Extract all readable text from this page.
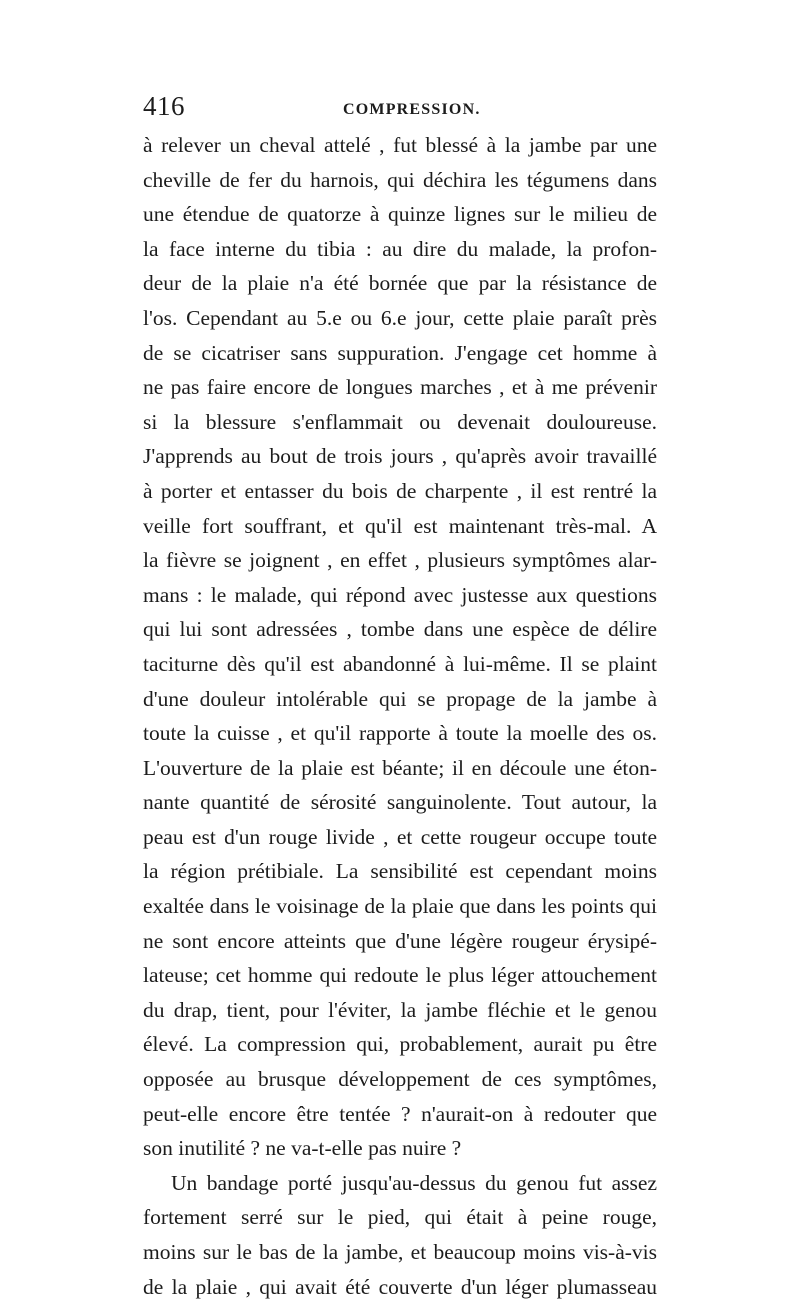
416	COMPRESSION.
à relever un cheval attelé , fut blessé à la jambe par une
cheville de fer du harnois, qui déchira les tégumens dans
une étendue de quatorze à quinze lignes sur le milieu de
la face interne du tibia : au dire du malade, la profon-
deur de la plaie n'a été bornée que par la résistance de
l'os. Cependant au 5.e ou 6.e jour, cette plaie paraît près
de se cicatriser sans suppuration. J'engage cet homme à
ne pas faire encore de longues marches , et à me prévenir
si la blessure s'enflammait ou devenait douloureuse.
J'apprends au bout de trois jours , qu'après avoir travaillé
à porter et entasser du bois de charpente , il est rentré la
veille fort souffrant, et qu'il est maintenant très-mal. A
la fièvre se joignent , en effet , plusieurs symptômes alar-
mans : le malade, qui répond avec justesse aux questions
qui lui sont adressées , tombe dans une espèce de délire
taciturne dès qu'il est abandonné à lui-même. Il se plaint
d'une douleur intolérable qui se propage de la jambe à
toute la cuisse , et qu'il rapporte à toute la moelle des os.
L'ouverture de la plaie est béante; il en découle une éton-
nante quantité de sérosité sanguinolente. Tout autour, la
peau est d'un rouge livide , et cette rougeur occupe toute
la région prétibiale. La sensibilité est cependant moins
exaltée dans le voisinage de la plaie que dans les points qui
ne sont encore atteints que d'une légère rougeur érysipé-
lateuse; cet homme qui redoute le plus léger attouchement
du drap, tient, pour l'éviter, la jambe fléchie et le genou
élevé. La compression qui, probablement, aurait pu être
opposée au brusque développement de ces symptômes,
peut-elle encore être tentée ? n'aurait-on à redouter que
son inutilité ? ne va-t-elle pas nuire ?
Un bandage porté jusqu'au-dessus du genou fut assez
fortement serré sur le pied, qui était à peine rouge,
moins sur le bas de la jambe, et beaucoup moins vis-à-vis
de la plaie , qui avait été couverte d'un léger plumasseau
